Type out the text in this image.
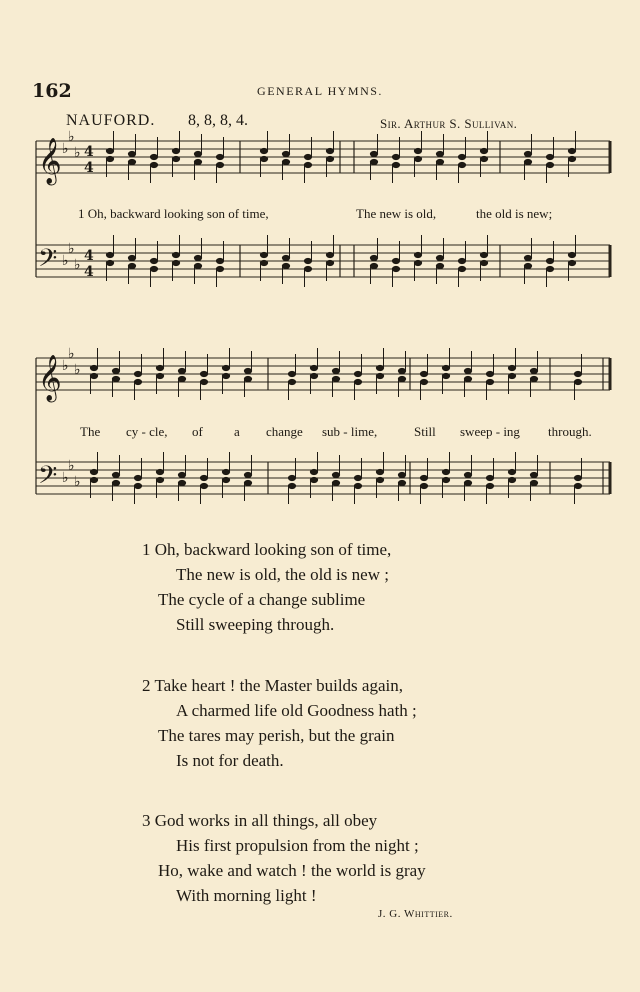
162	GENERAL HYMNS.
NAUFORD. 8, 8, 8, 4.	Sir. Arthur S. Sullivan.
𝄞 ♭
♭
♭ 4
4
𝄢 ♭
♭
♭
4
4
𝄞 ♭
♭
♭
𝄢 ♭
♭
♭
1 Oh, backward looking son of time,	The new is old,	the old is new;
The cy - cle, of a change sub - lime,	Still sweep - ing through.
1 Oh, backward looking son of time,
The new is old, the old is new ;
The cycle of a change sublime
Still sweeping through.
2 Take heart ! the Master builds again,
A charmed life old Goodness hath ;
The tares may perish, but the grain
Is not for death.
3 God works in all things, all obey
His first propulsion from the night ;
Ho, wake and watch ! the world is gray
With morning light !
J. G. Whittier.
